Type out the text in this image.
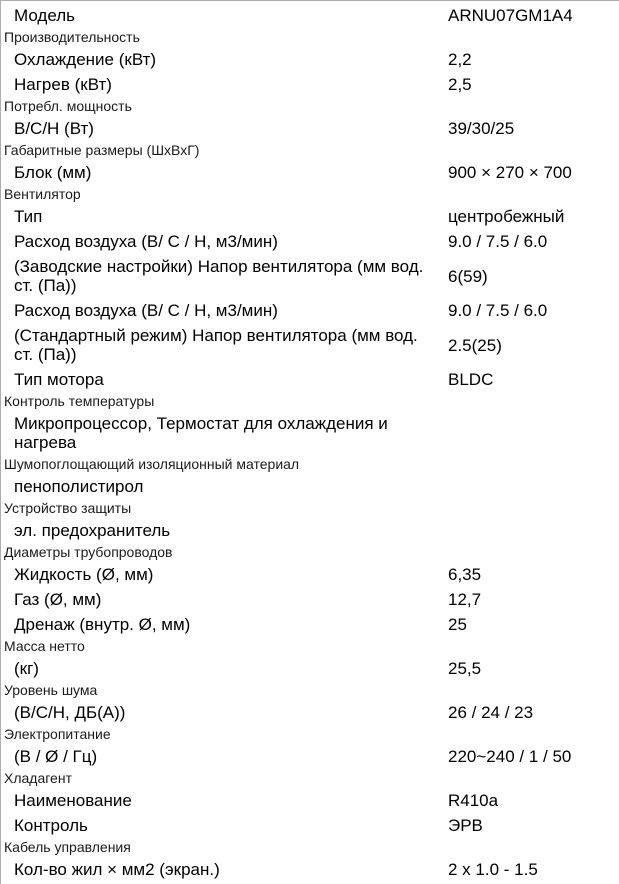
Модель	ARNU07GM1A4
Производительность
Охлаждение (кВт)	2,2
Нагрев (кВт)	2,5
Потребл. мощность
В/С/Н (Вт)	39/30/25
Габаритные размеры (ШхВхГ)
Блок (мм)	900 × 270 × 700
Вентилятор
Тип	центробежный
Расход воздуха (В/ С / Н, м3/мин)	9.0 / 7.5 / 6.0
(Заводские настройки) Напор вентилятора (мм вод. ст. (Па))	6(59)
Расход воздуха (В/ С / Н, м3/мин)	9.0 / 7.5 / 6.0
(Стандартный режим) Напор вентилятора (мм вод. ст. (Па))	2.5(25)
Тип мотора	BLDC
Контроль температуры
Микропроцессор, Термостат для охлаждения и нагрева
Шумопоглощающий изоляционный материал
пенополистирол
Устройство защиты
эл. предохранитель
Диаметры трубопроводов
Жидкость (Ø, мм)	6,35
Газ (Ø, мм)	12,7
Дренаж (внутр. Ø, мм)	25
Масса нетто
(кг)	25,5
Уровень шума
(В/С/Н, ДБ(А))	26 / 24 / 23
Электропитание
(В / Ø / Гц)	220~240 / 1 / 50
Хладагент
Наименование	R410a
Контроль	ЭРВ
Кабель управления
Кол-во жил × мм2 (экран.)	2 x 1.0 - 1.5
